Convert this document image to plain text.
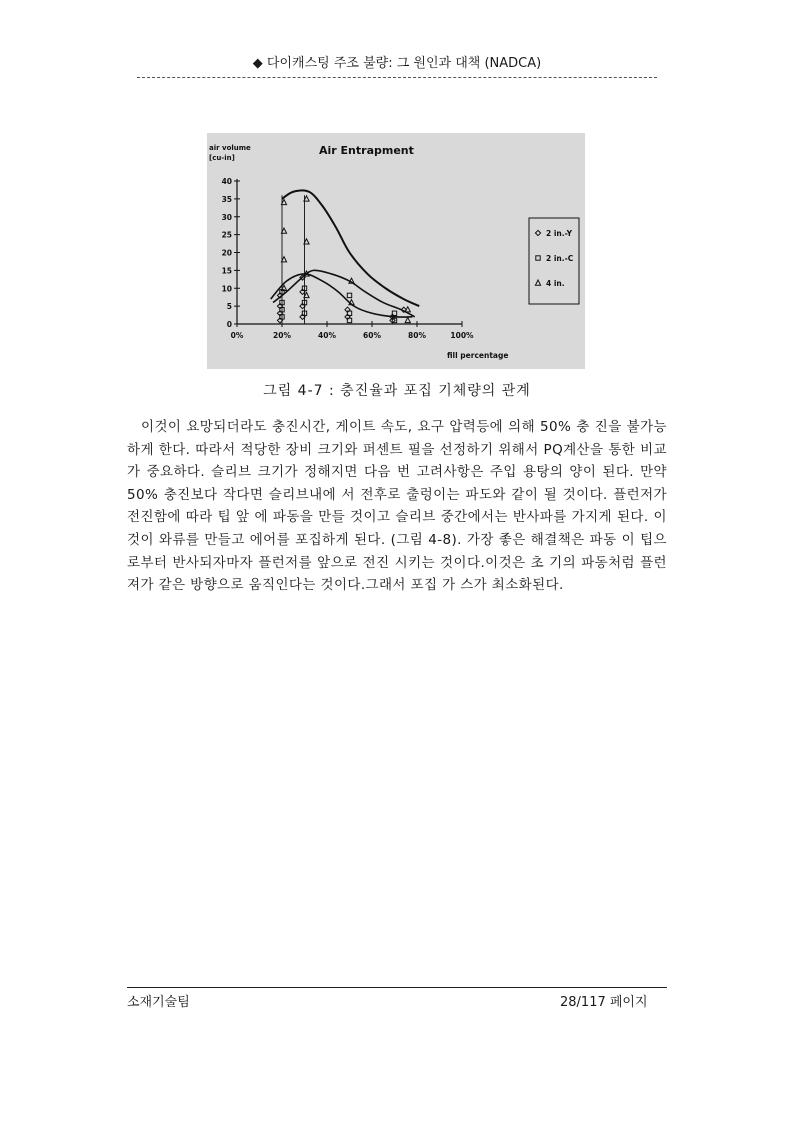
◆ 다이캐스팅 주조 불량: 그 원인과 대책 (NADCA)
Air Entrapment
air volume
[cu-in]
0
5
10
15
20
25
30
35
40
0%	20%	40%	60%	80%	100%
fill percentage
2 in.-Y
2 in.-C
4 in.
그림 4-7 : 충진율과 포집 기체량의 관계

이것이 요망되더라도 충진시간, 게이트 속도, 요구 압력등에 의해 50% 충 진을 불가능하게 한다. 따라서 적당한 장비 크기와 퍼센트 필을 선정하기 위해서 PQ계산을 통한 비교가 중요하다. 슬리브 크기가 정해지면 다음 번 고려사항은 주입 용탕의 양이 된다. 만약 50% 충진보다 작다면 슬리브내에 서 전후로 출렁이는 파도와 같이 될 것이다. 플런저가 전진함에 따라 팁 앞 에 파동을 만들 것이고 슬리브 중간에서는 반사파를 가지게 된다. 이것이 와류를 만들고 에어를 포집하게 된다. (그림 4-8). 가장 좋은 해결책은 파동 이 팁으로부터 반사되자마자 플런저를 앞으로 전진 시키는 것이다.이것은 초 기의 파동처럼 플런져가 같은 방향으로 움직인다는 것이다.그래서 포집 가 스가 최소화된다.

소재기술팀	28/117 페이지
